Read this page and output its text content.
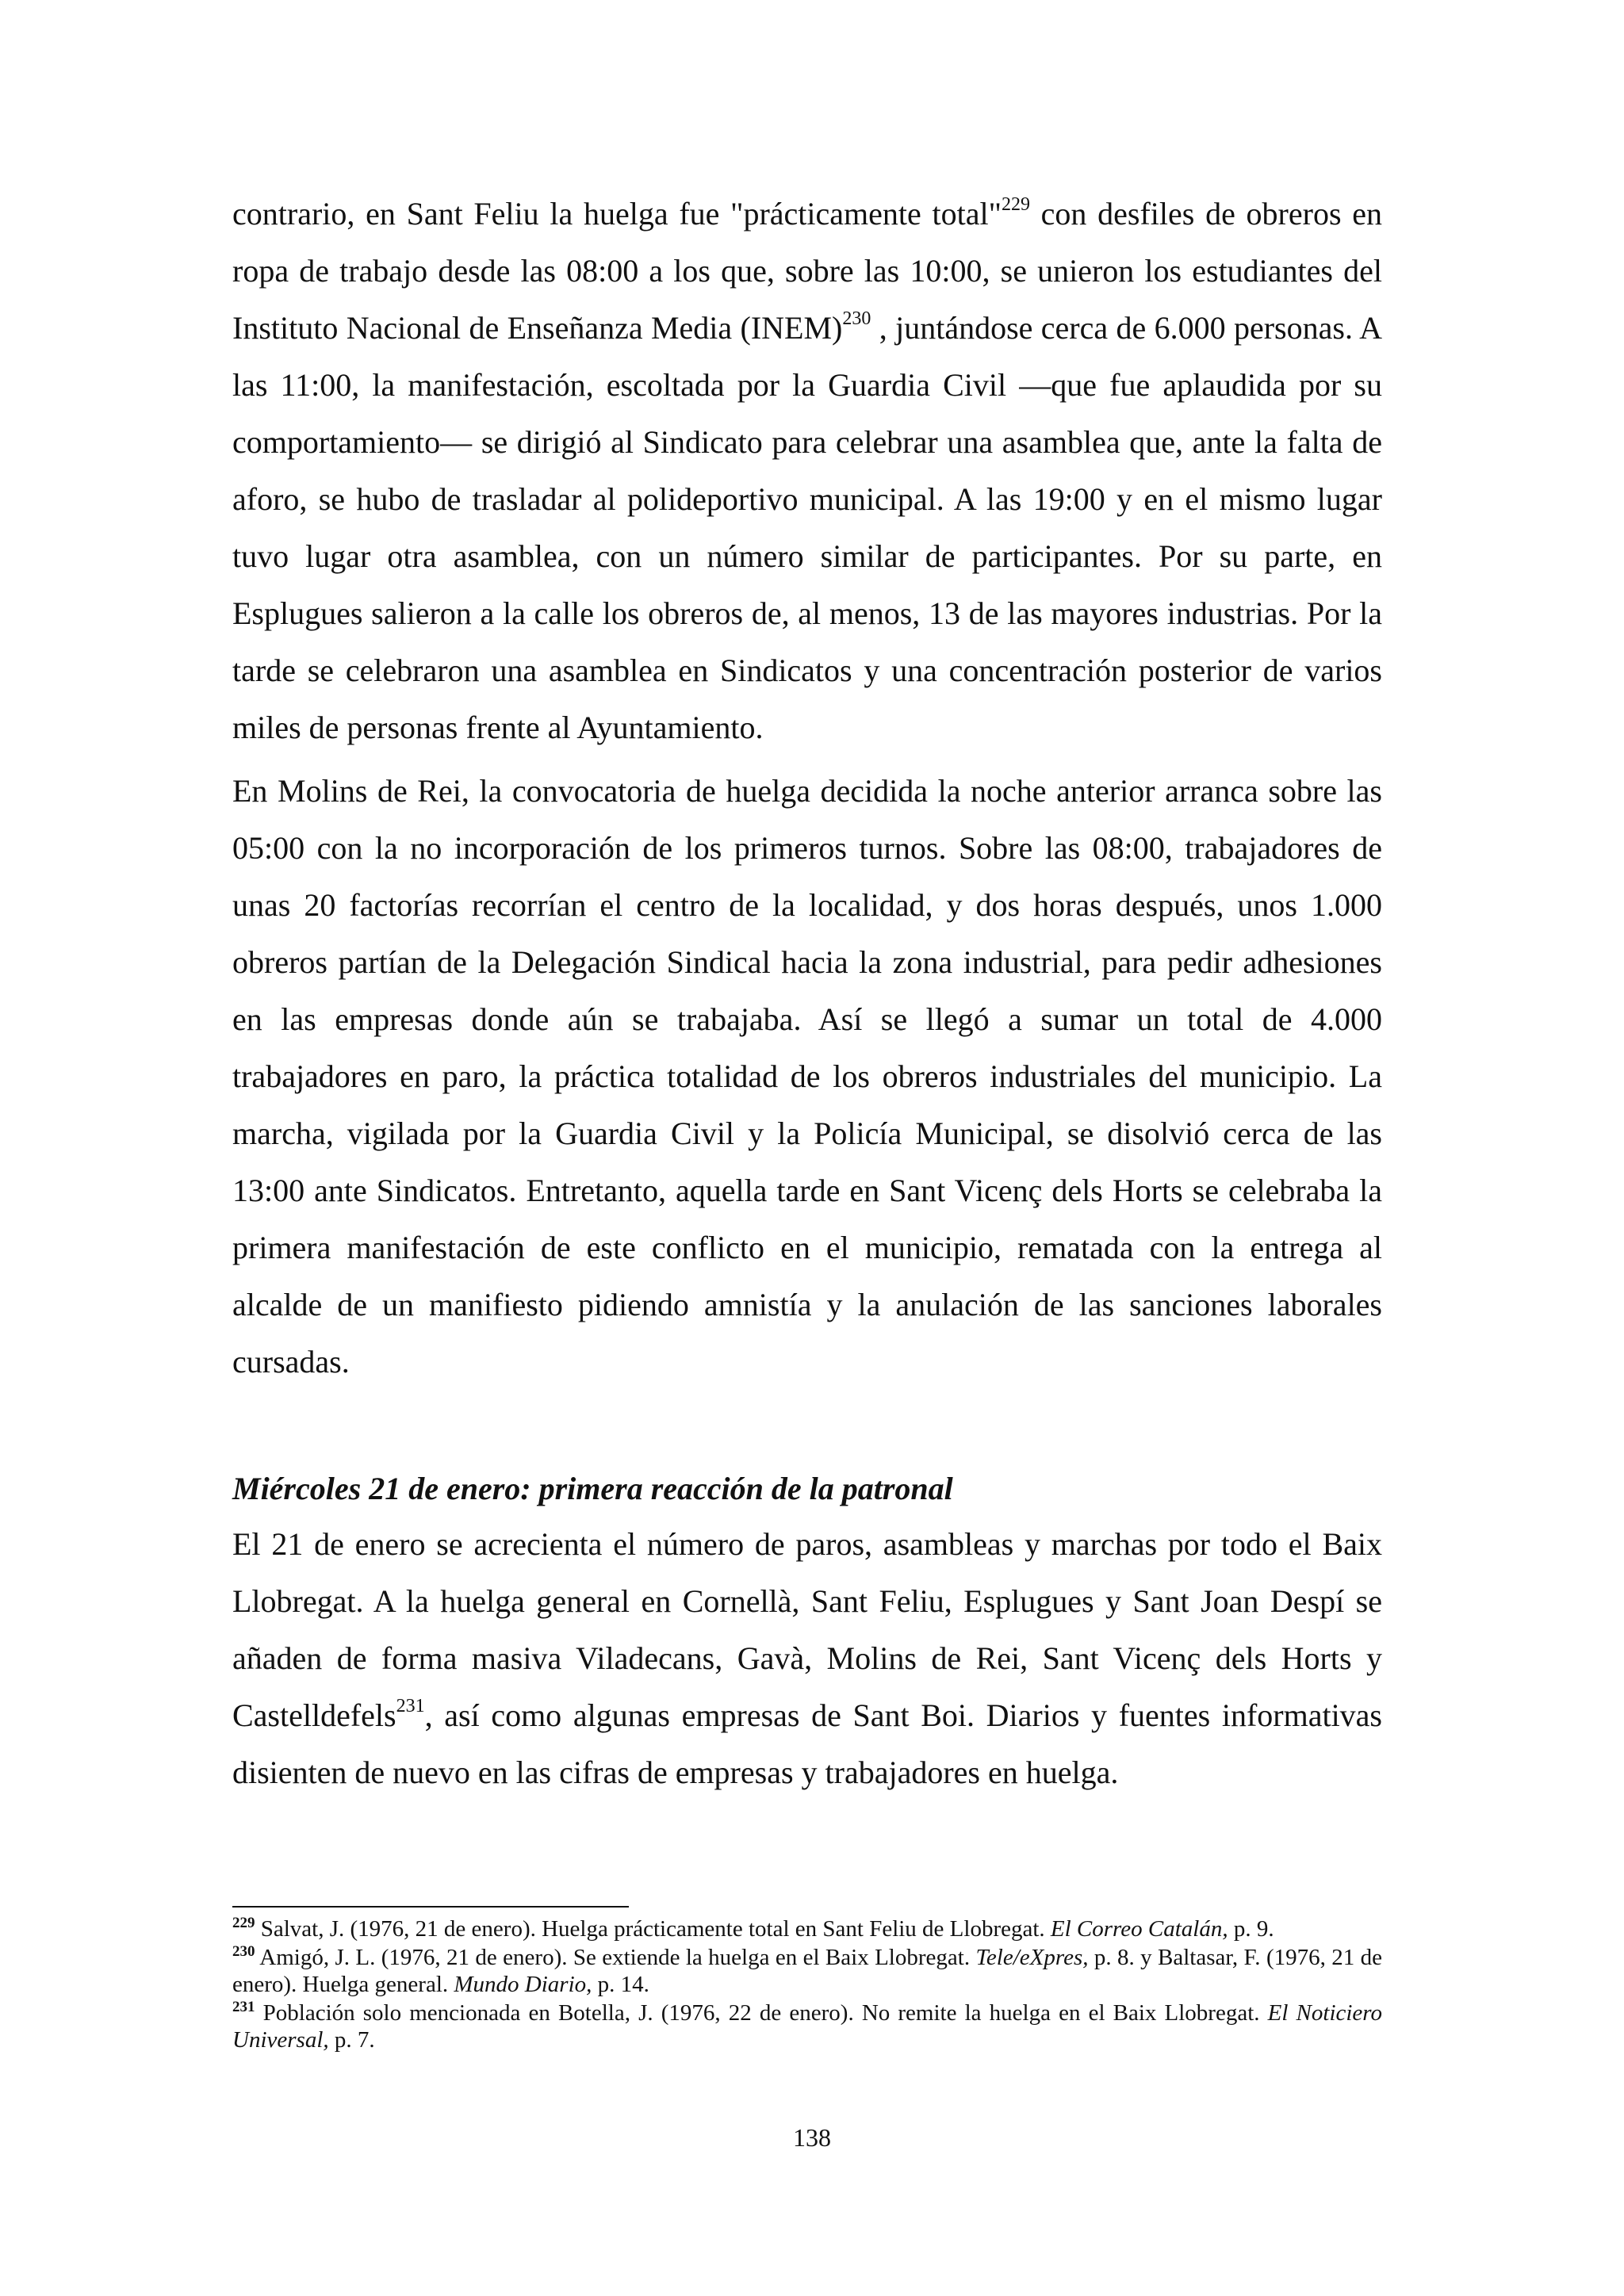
contrario, en Sant Feliu la huelga fue "prácticamente total"$^{229}$ con desfiles de obreros en ropa de trabajo desde las 08:00 a los que, sobre las 10:00, se unieron los estudiantes del Instituto Nacional de Enseñanza Media (INEM)$^{230}$ , juntándose cerca de 6.000 personas. A las 11:00, la manifestación, escoltada por la Guardia Civil —que fue aplaudida por su comportamiento— se dirigió al Sindicato para celebrar una asamblea que, ante la falta de aforo, se hubo de trasladar al polideportivo municipal. A las 19:00 y en el mismo lugar tuvo lugar otra asamblea, con un número similar de participantes. Por su parte, en Esplugues salieron a la calle los obreros de, al menos, 13 de las mayores industrias. Por la tarde se celebraron una asamblea en Sindicatos y una concentración posterior de varios miles de personas frente al Ayuntamiento.

En Molins de Rei, la convocatoria de huelga decidida la noche anterior arranca sobre las 05:00 con la no incorporación de los primeros turnos. Sobre las 08:00, trabajadores de unas 20 factorías recorrían el centro de la localidad, y dos horas después, unos 1.000 obreros partían de la Delegación Sindical hacia la zona industrial, para pedir adhesiones en las empresas donde aún se trabajaba. Así se llegó a sumar un total de 4.000 trabajadores en paro, la práctica totalidad de los obreros industriales del municipio. La marcha, vigilada por la Guardia Civil y la Policía Municipal, se disolvió cerca de las 13:00 ante Sindicatos. Entretanto, aquella tarde en Sant Vicenç dels Horts se celebraba la primera manifestación de este conflicto en el municipio, rematada con la entrega al alcalde de un manifiesto pidiendo amnistía y la anulación de las sanciones laborales cursadas.

Miércoles 21 de enero: primera reacción de la patronal

El 21 de enero se acrecienta el número de paros, asambleas y marchas por todo el Baix Llobregat. A la huelga general en Cornellà, Sant Feliu, Esplugues y Sant Joan Despí se añaden de forma masiva Viladecans, Gavà, Molins de Rei, Sant Vicenç dels Horts y Castelldefels$^{231}$, así como algunas empresas de Sant Boi. Diarios y fuentes informativas disienten de nuevo en las cifras de empresas y trabajadores en huelga.

$^{229}$ Salvat, J. (1976, 21 de enero). Huelga prácticamente total en Sant Feliu de Llobregat. El Correo Catalán, p. 9.

$^{230}$ Amigó, J. L. (1976, 21 de enero). Se extiende la huelga en el Baix Llobregat. Tele/eXpres, p. 8. y Baltasar, F. (1976, 21 de enero). Huelga general. Mundo Diario, p. 14.

$^{231}$ Población solo mencionada en Botella, J. (1976, 22 de enero). No remite la huelga en el Baix Llobregat. El Noticiero Universal, p. 7.

138
